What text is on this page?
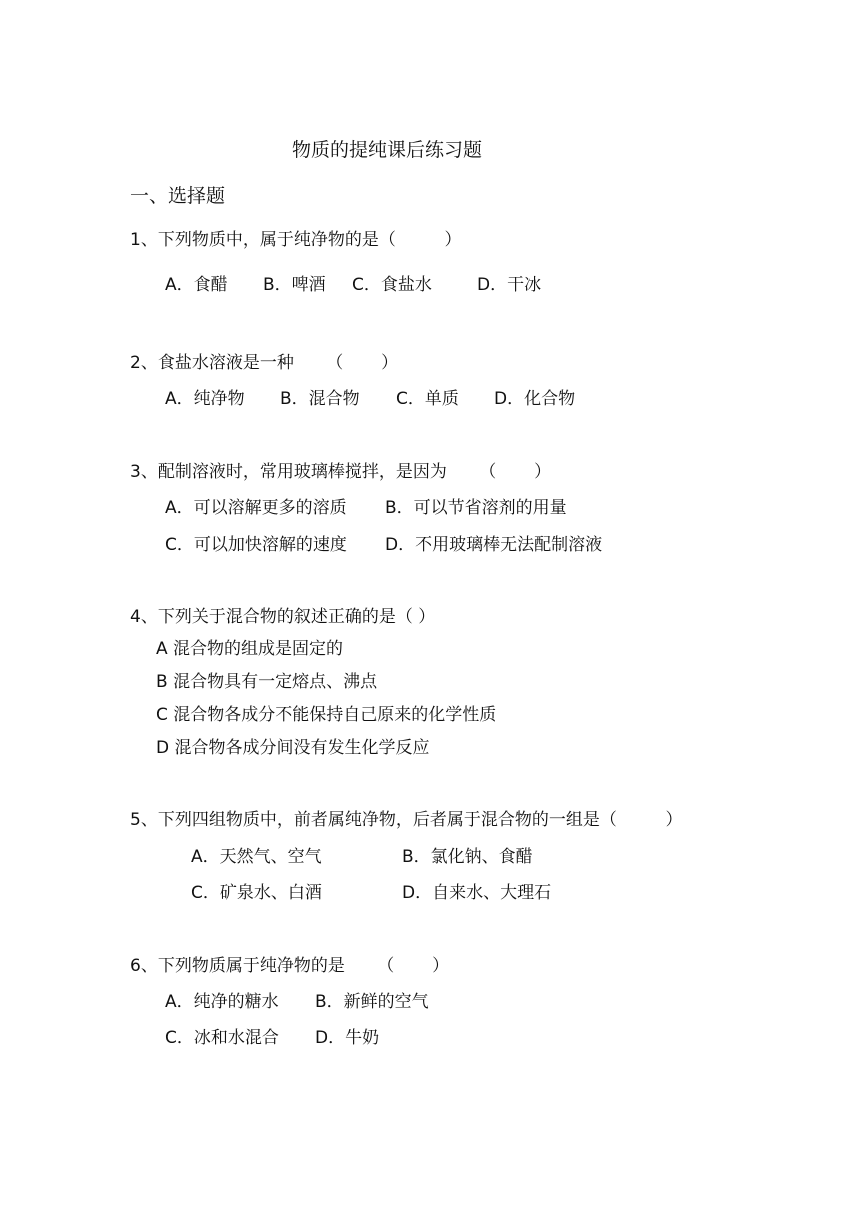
物质的提纯课后练习题
一、选择题
1、下列物质中，属于纯净物的是（         ）
A．食醋 B．啤酒 C．食盐水	D．干冰
2、食盐水溶液是一种      （       ）
A．纯净物 B．混合物 C．单质 D．化合物
3、配制溶液时，常用玻璃棒搅拌，是因为      （       ）
A．可以溶解更多的溶质 B．可以节省溶剂的用量
C．可以加快溶解的速度 D．不用玻璃棒无法配制溶液
4、下列关于混合物的叙述正确的是（ ）
A 混合物的组成是固定的
B 混合物具有一定熔点、沸点
C 混合物各成分不能保持自己原来的化学性质
D 混合物各成分间没有发生化学反应
5、下列四组物质中，前者属纯净物，后者属于混合物的一组是（         ）
A．天然气、空气	B．氯化钠、食醋
C．矿泉水、白酒	D．自来水、大理石
6、下列物质属于纯净物的是      （       ）
A．纯净的糖水 B．新鲜的空气
C．冰和水混合 D．牛奶
